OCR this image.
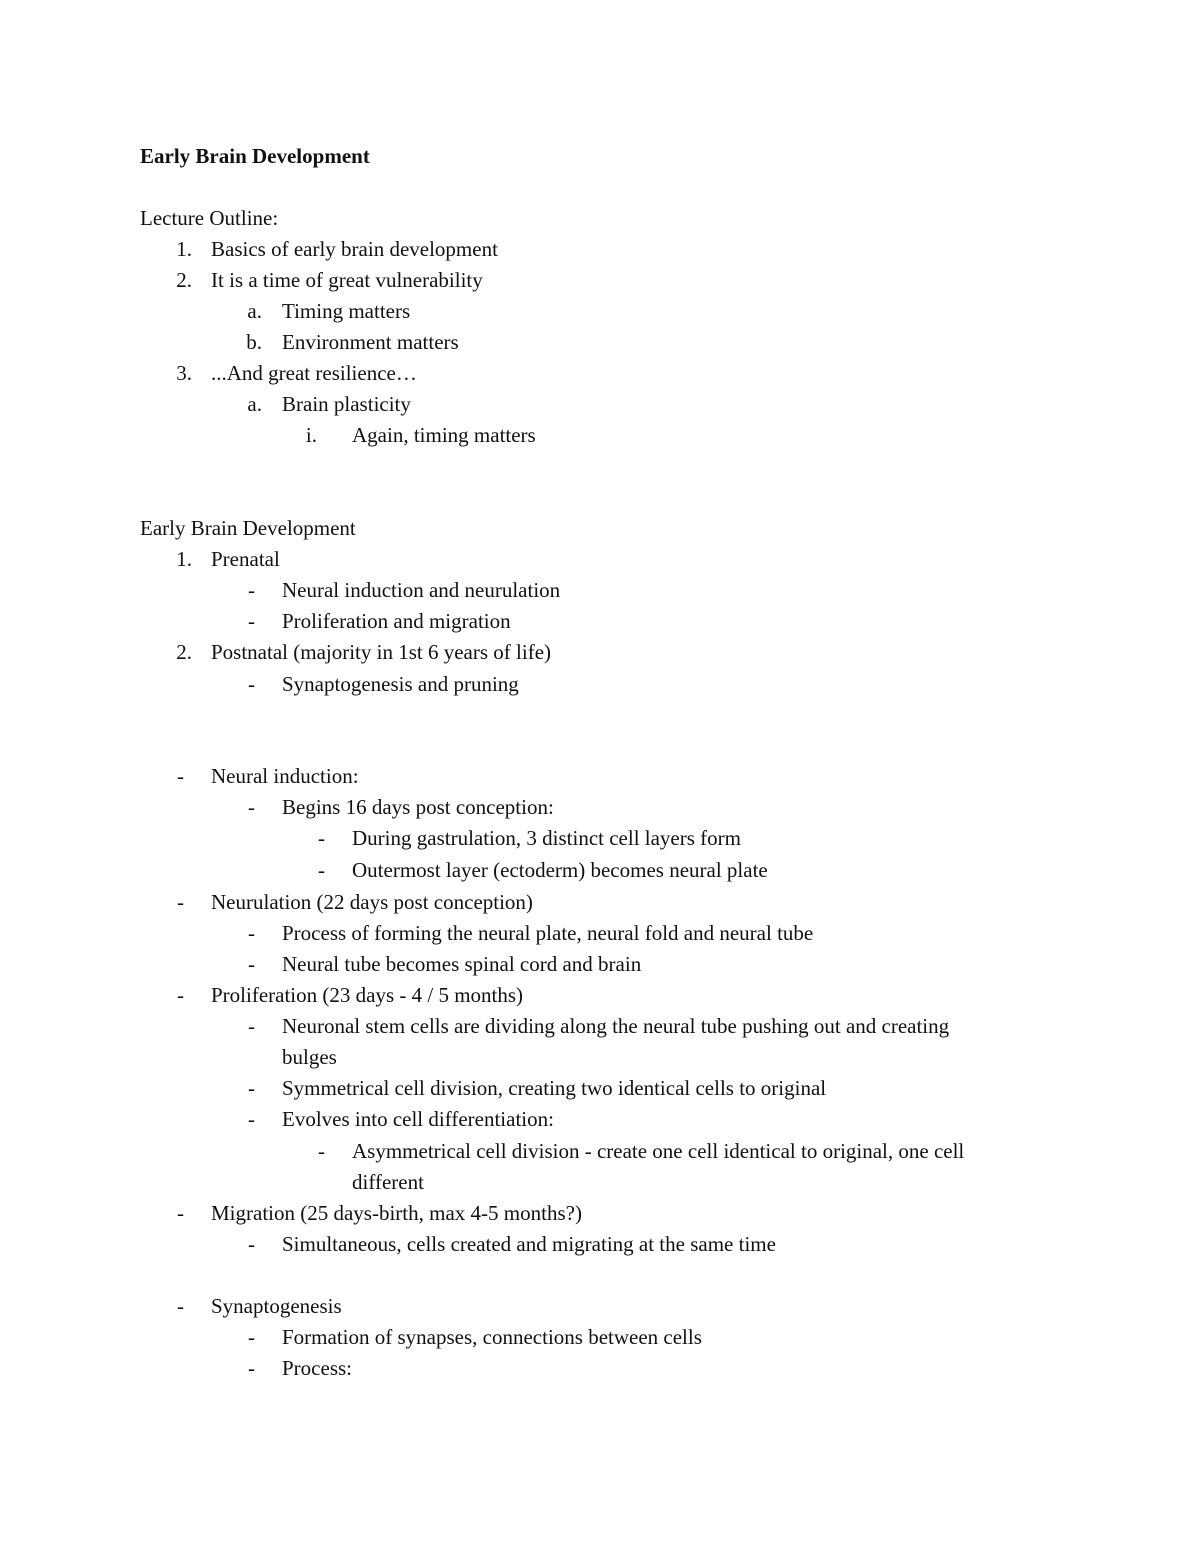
Early Brain Development
Lecture Outline:
1. Basics of early brain development
2. It is a time of great vulnerability
a. Timing matters
b. Environment matters
3. ...And great resilience…
a. Brain plasticity
i. Again, timing matters
Early Brain Development
1. Prenatal
- Neural induction and neurulation
- Proliferation and migration
2. Postnatal (majority in 1st 6 years of life)
- Synaptogenesis and pruning
- Neural induction:
- Begins 16 days post conception:
- During gastrulation, 3 distinct cell layers form
- Outermost layer (ectoderm) becomes neural plate
- Neurulation (22 days post conception)
- Process of forming the neural plate, neural fold and neural tube
- Neural tube becomes spinal cord and brain
- Proliferation (23 days - 4 / 5 months)
- Neuronal stem cells are dividing along the neural tube pushing out and creating
bulges
- Symmetrical cell division, creating two identical cells to original
- Evolves into cell differentiation:
- Asymmetrical cell division - create one cell identical to original, one cell
different
- Migration (25 days-birth, max 4-5 months?)
- Simultaneous, cells created and migrating at the same time
- Synaptogenesis
- Formation of synapses, connections between cells
- Process:
